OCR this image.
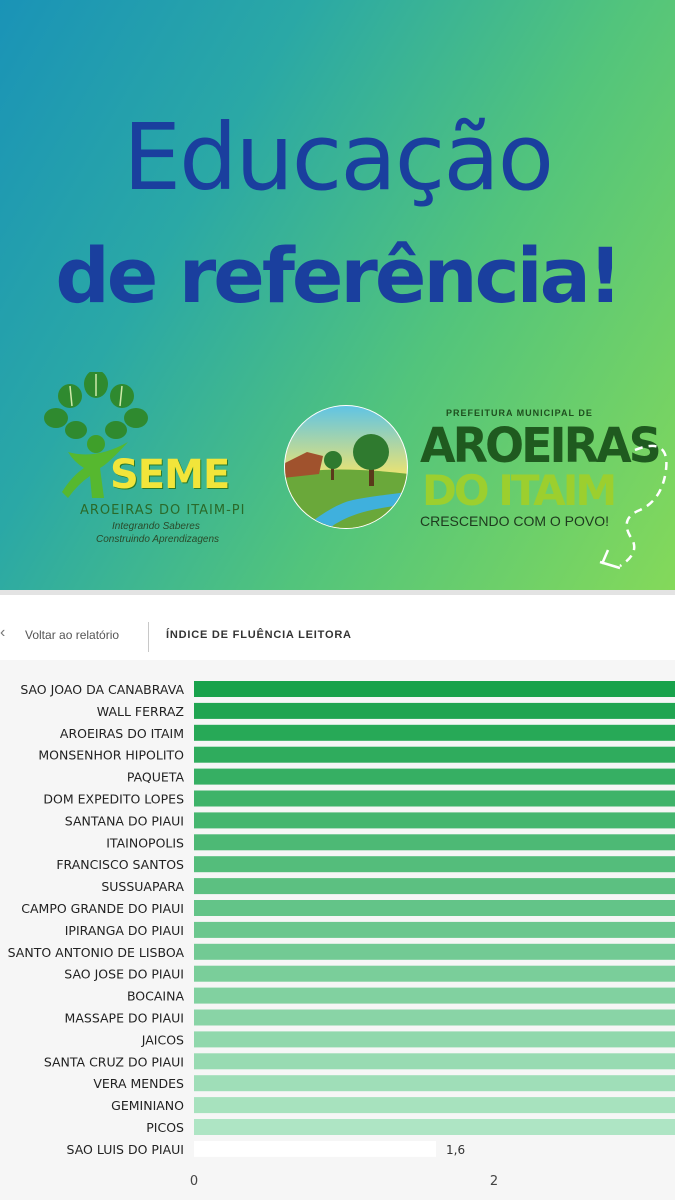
Educação
de referência!
SEME
AROEIRAS DO ITAIM-PI
Integrando Saberes
Construindo Aprendizagens
PREFEITURA MUNICIPAL DE
AROEIRAS
DO ITAIM
CRESCENDO COM O POVO!
‹ Voltar ao relatório	ÍNDICE DE FLUÊNCIA LEITORA
SAO JOAO DA CANABRAVA
WALL FERRAZ
AROEIRAS DO ITAIM
MONSENHOR HIPOLITO
PAQUETA
DOM EXPEDITO LOPES
SANTANA DO PIAUI
ITAINOPOLIS
FRANCISCO SANTOS
SUSSUAPARA
CAMPO GRANDE DO PIAUI
IPIRANGA DO PIAUI
SANTO ANTONIO DE LISBOA
SAO JOSE DO PIAUI
BOCAINA
MASSAPE DO PIAUI
JAICOS
SANTA CRUZ DO PIAUI
VERA MENDES
GEMINIANO
PICOS
SAO LUIS DO PIAUI	1,6
0	2
